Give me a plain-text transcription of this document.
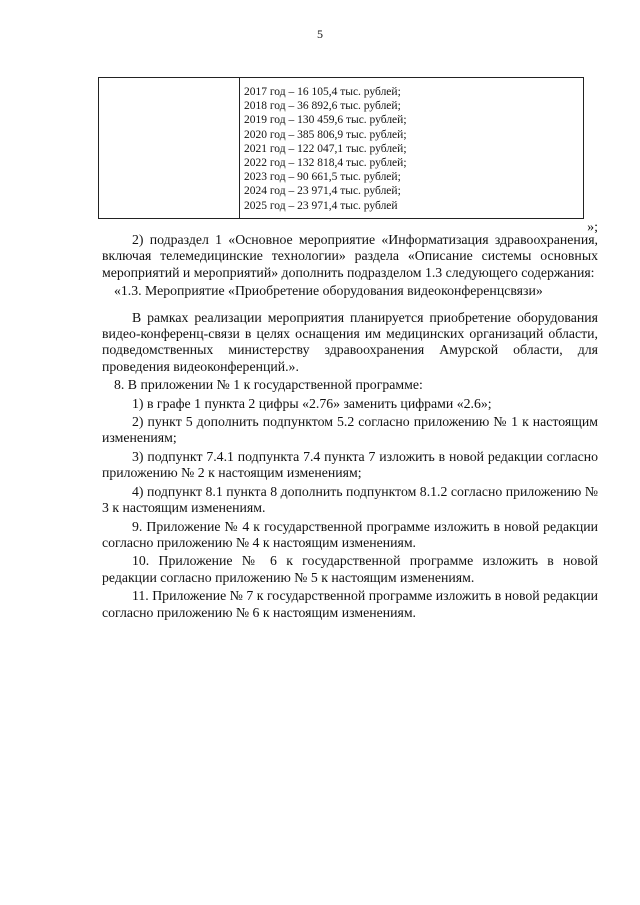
5
2017 год – 16 105,4 тыс. рублей;
2018 год – 36 892,6 тыс. рублей;
2019 год – 130 459,6 тыс. рублей;
2020 год – 385 806,9 тыс. рублей;
2021 год – 122 047,1 тыс. рублей;
2022 год – 132 818,4 тыс. рублей;
2023 год – 90 661,5 тыс. рублей;
2024 год – 23 971,4 тыс. рублей;
2025 год – 23 971,4 тыс. рублей
»;

2) подраздел 1 «Основное мероприятие «Информатизация здравоохранения, включая телемедицинские технологии» раздела «Описание системы основных мероприятий и мероприятий» дополнить подразделом 1.3 следующего содержания:

«1.3. Мероприятие «Приобретение оборудования видеоконференцсвязи»

В рамках реализации мероприятия планируется приобретение оборудования видео-конференц-связи в целях оснащения им медицинских организаций области, подведомственных министерству здравоохранения Амурской области, для проведения видеоконференций.».

8. В приложении № 1 к государственной программе:

1) в графе 1 пункта 2 цифры «2.76» заменить цифрами «2.6»;

2) пункт 5 дополнить подпунктом 5.2 согласно приложению № 1 к настоящим изменениям;

3) подпункт 7.4.1 подпункта 7.4 пункта 7 изложить в новой редакции согласно приложению № 2 к настоящим изменениям;

4) подпункт 8.1 пункта 8 дополнить подпунктом 8.1.2 согласно приложению № 3 к настоящим изменениям.

9. Приложение № 4 к государственной программе изложить в новой редакции согласно приложению № 4 к настоящим изменениям.

10. Приложение № 6 к государственной программе изложить в новой редакции согласно приложению № 5 к настоящим изменениям.

11. Приложение № 7 к государственной программе изложить в новой редакции согласно приложению № 6 к настоящим изменениям.
